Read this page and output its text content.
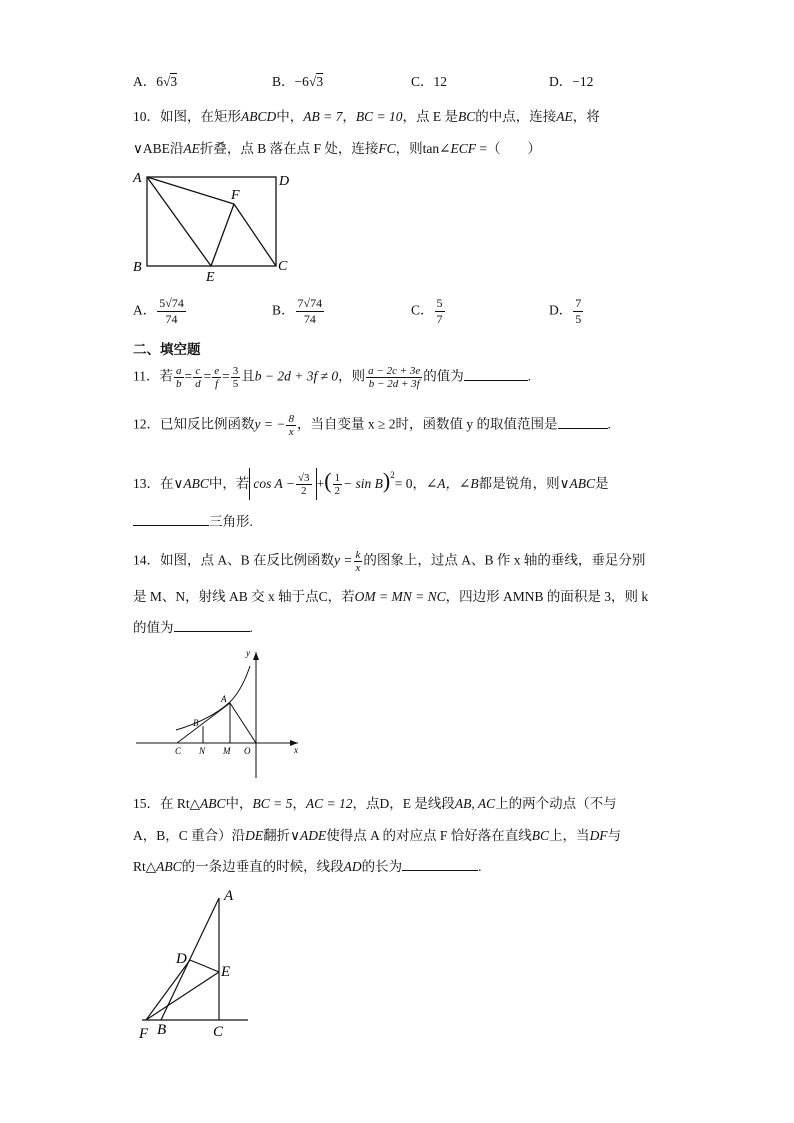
A．6√3	B．−6√3	C．12	D．−12
10．如图，在矩形ABCD中，AB = 7，BC = 10，点 E 是BC的中点，连接AE，将
∨ABE沿AE折叠，点 B 落在点 F 处，连接FC，则tan∠ECF =（　　）
A	D
F
B
E
C
A． $\frac{5√74}{74}$	B． $\frac{7√74}{74}$	C． $\frac{5}{7}$	D． $\frac{7}{5}$
二、填空题
11．若 $\frac{a}{b} = \frac{c}{d} = \frac{e}{f} = \frac{3}{5}$ 且b − 2d + 3f ≠ 0，则 $\frac{a - 2c + 3e}{b - 2d + 3f}$ 的值为	.
12．已知反比例函数y = − $\frac{8}{x}$ ，当自变量 x ≥ 2时，函数值 y 的取值范围是	.
13．在∨ABC中，若 $\cos A - \frac{√3}{2}$ +( $\frac{1}{2} - \sin B)^2= 0$，∠A，∠B都是锐角，则∨ABC是
三角形.
14．如图，点 A、B 在反比例函数$y = \frac{k}{x}$ 的图象上，过点 A、B 作 x 轴的垂线，垂足分别
是 M、N，射线 AB 交 x 轴于点C，若OM = MN = NC，四边形 AMNB 的面积是 3，则 k
的值为	.
y
x
A
B
C N M O
15．在 Rt△ABC中，BC = 5，AC = 12，点D，E 是线段AB, AC上的两个动点（不与
A，B，C 重合）沿DE翻折∨ADE使得点 A 的对应点 F 恰好落在直线BC上，当DF与
Rt△ABC的一条边垂直的时候，线段AD的长为	.
A
D
E
F B	C
